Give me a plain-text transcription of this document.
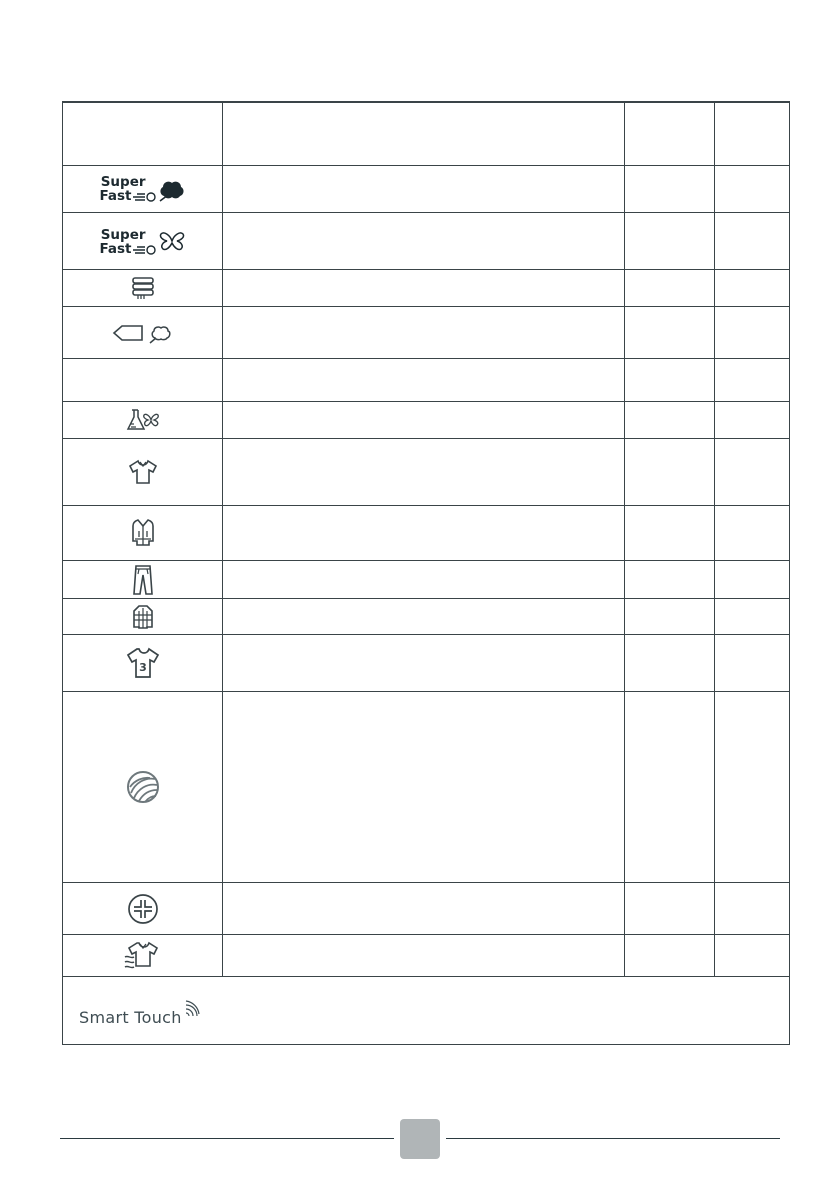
Super
Fast
Super
Fast
3
Smart Touch
